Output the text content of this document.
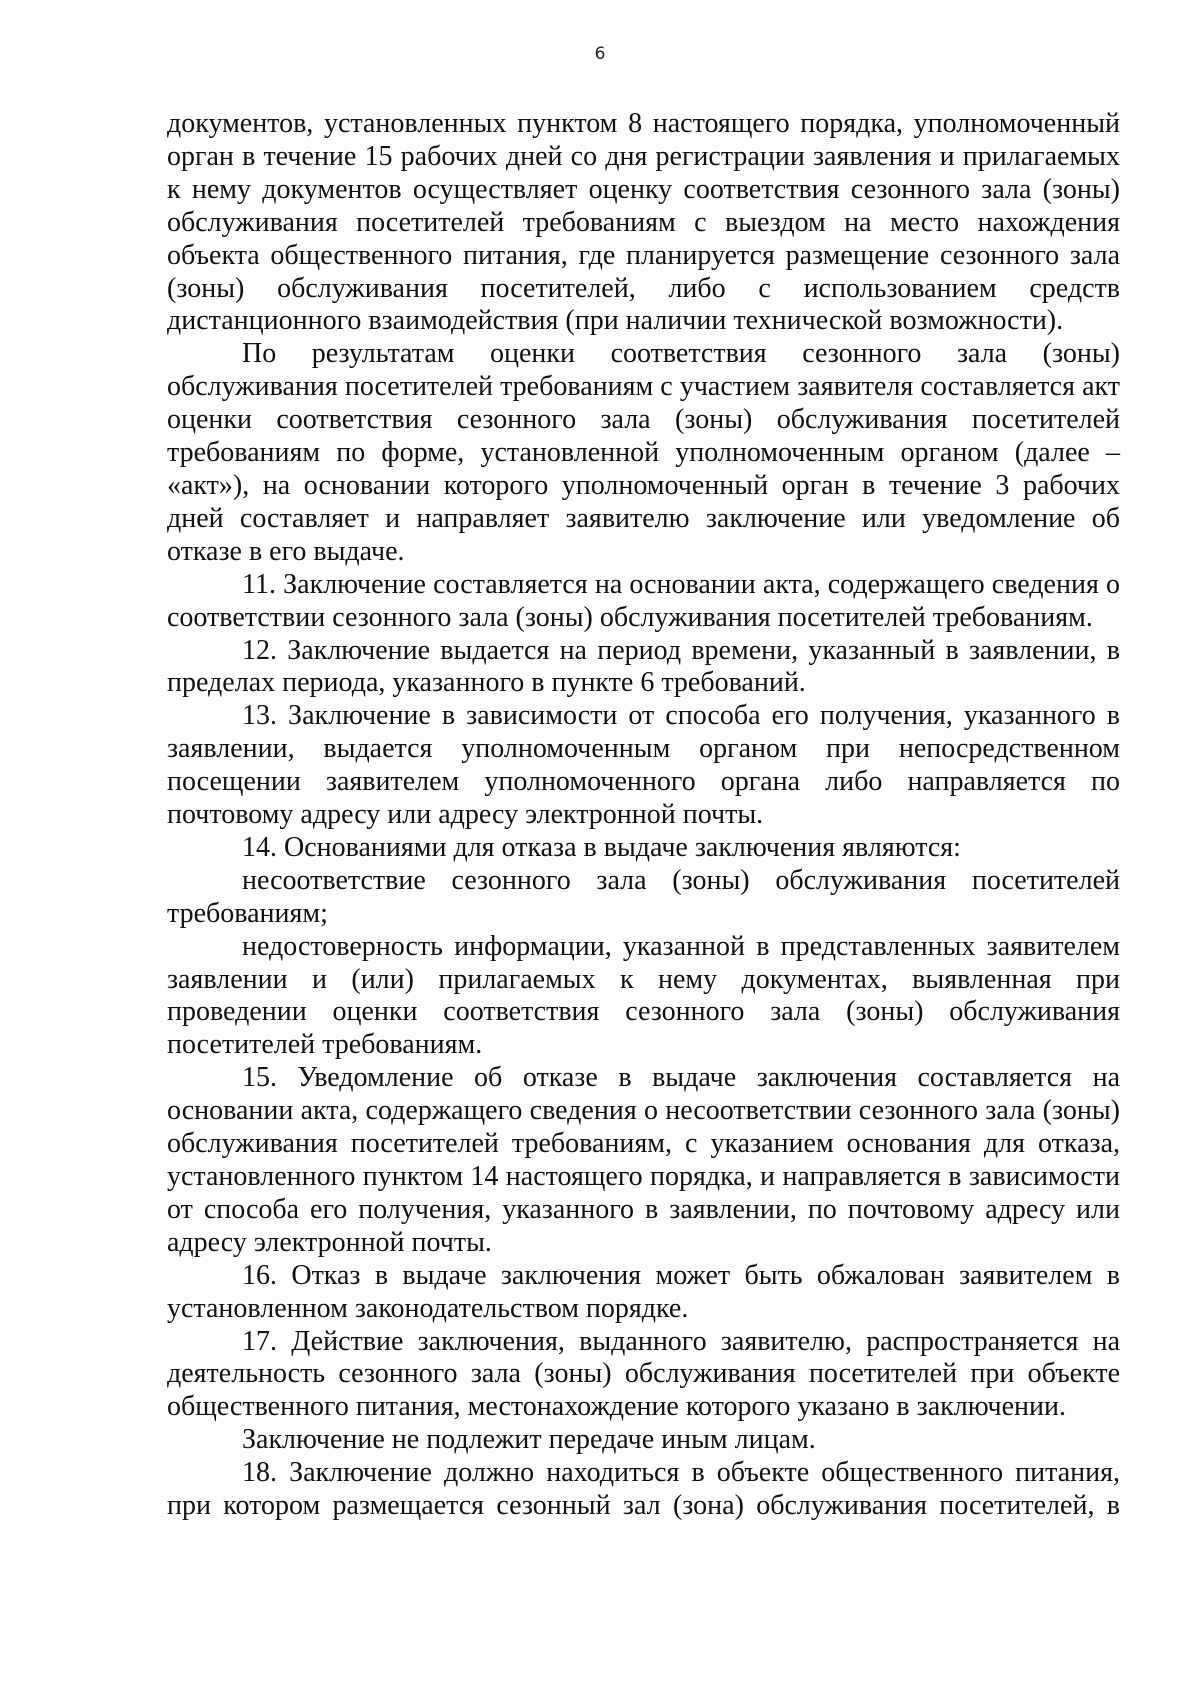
6

документов, установленных пунктом 8 настоящего порядка, уполномоченный орган в течение 15 рабочих дней со дня регистрации заявления и прилагаемых к нему документов осуществляет оценку соответствия сезонного зала (зоны) обслуживания посетителей требованиям с выездом на место нахождения объекта общественного питания, где планируется размещение сезонного зала (зоны) обслуживания посетителей, либо с использованием средств дистанционного взаимодействия (при наличии технической возможности).

По результатам оценки соответствия сезонного зала (зоны) обслуживания посетителей требованиям с участием заявителя составляется акт оценки соответствия сезонного зала (зоны) обслуживания посетителей требованиям по форме, установленной уполномоченным органом (далее – «акт»), на основании которого уполномоченный орган в течение 3 рабочих дней составляет и направляет заявителю заключение или уведомление об отказе в его выдаче.

11. Заключение составляется на основании акта, содержащего сведения о соответствии сезонного зала (зоны) обслуживания посетителей требованиям.

12. Заключение выдается на период времени, указанный в заявлении, в пределах периода, указанного в пункте 6 требований.

13. Заключение в зависимости от способа его получения, указанного в заявлении, выдается уполномоченным органом при непосредственном посещении заявителем уполномоченного органа либо направляется по почтовому адресу или адресу электронной почты.

14. Основаниями для отказа в выдаче заключения являются:

несоответствие сезонного зала (зоны) обслуживания посетителей требованиям;

недостоверность информации, указанной в представленных заявителем заявлении и (или) прилагаемых к нему документах, выявленная при проведении оценки соответствия сезонного зала (зоны) обслуживания посетителей требованиям.

15. Уведомление об отказе в выдаче заключения составляется на основании акта, содержащего сведения о несоответствии сезонного зала (зоны) обслуживания посетителей требованиям, с указанием основания для отказа, установленного пунктом 14 настоящего порядка, и направляется в зависимости от способа его получения, указанного в заявлении, по почтовому адресу или адресу электронной почты.

16. Отказ в выдаче заключения может быть обжалован заявителем в установленном законодательством порядке.

17. Действие заключения, выданного заявителю, распространяется на деятельность сезонного зала (зоны) обслуживания посетителей при объекте общественного питания, местонахождение которого указано в заключении.

Заключение не подлежит передаче иным лицам.

18. Заключение должно находиться в объекте общественного питания, при котором размещается сезонный зал (зона) обслуживания посетителей, в
